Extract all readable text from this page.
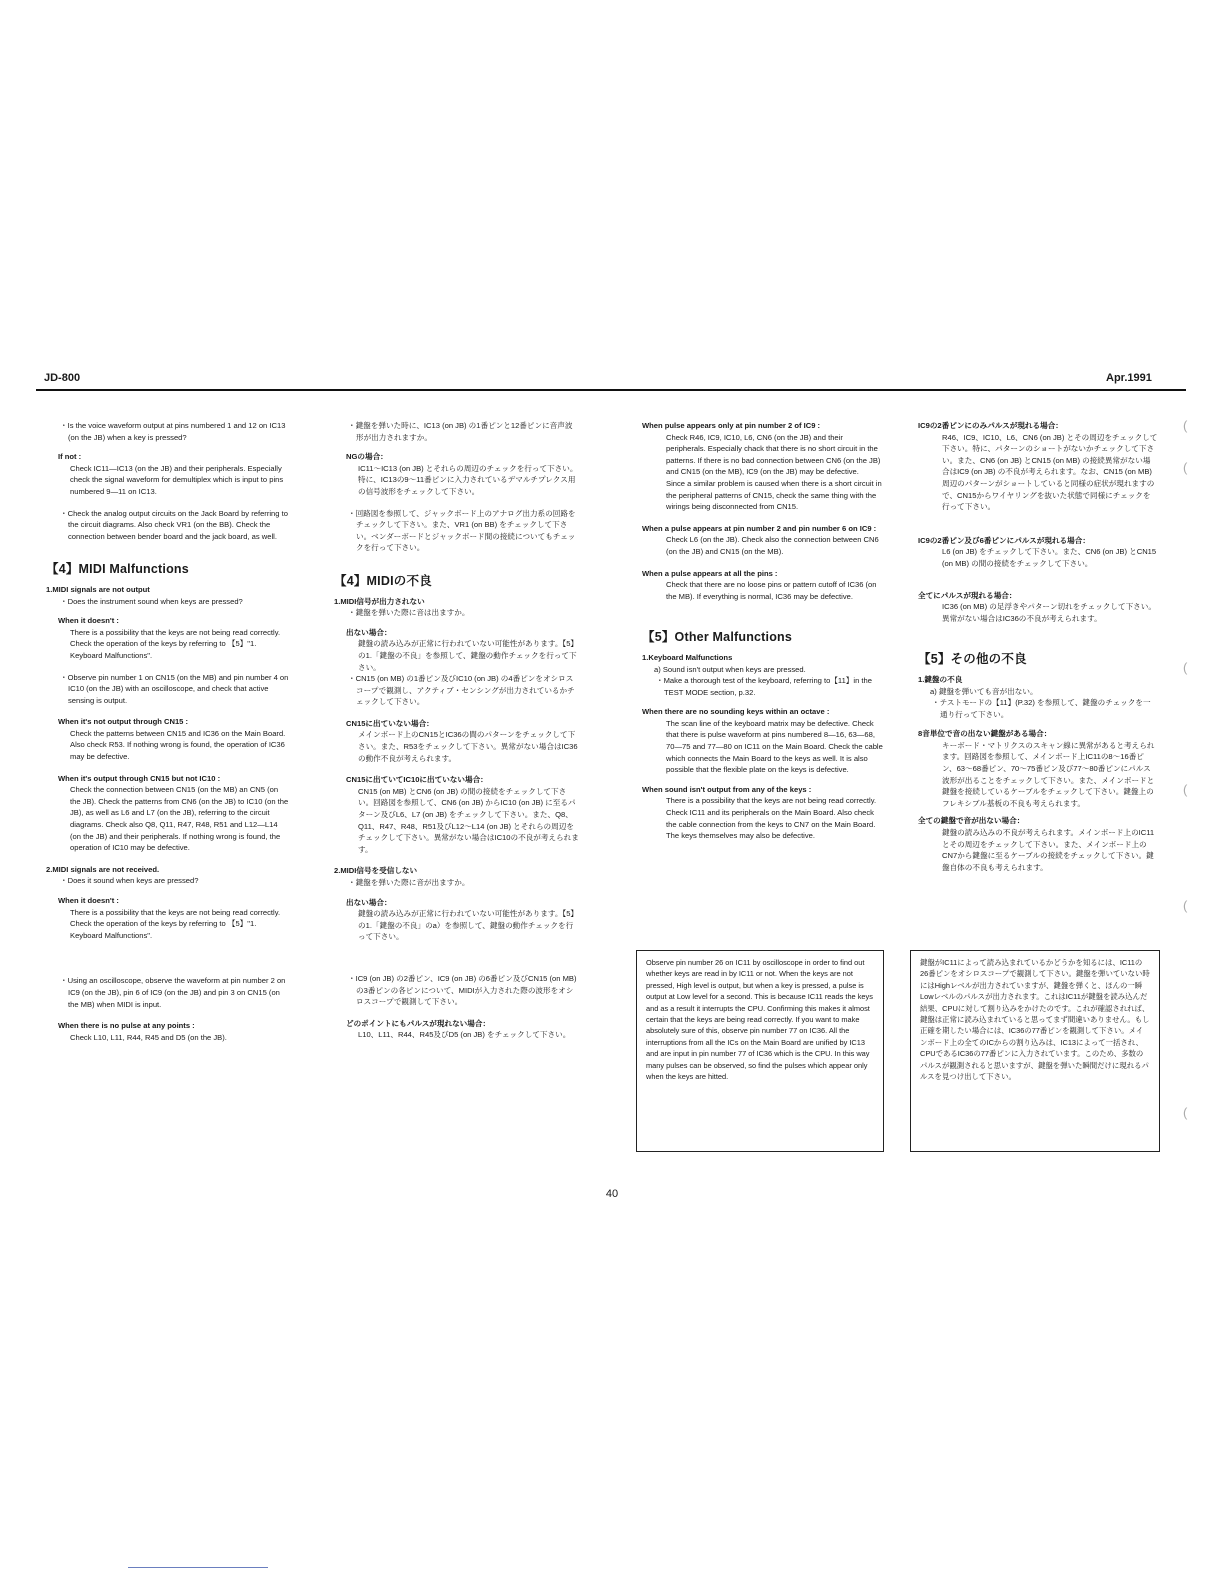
JD-800	Apr.1991

・Is the voice waveform output at pins numbered 1 and 12 on IC13 (on the JB) when a key is pressed?

If not :

Check IC11—IC13 (on the JB) and their peripherals. Especially check the signal waveform for demultiplex which is input to pins numbered 9—11 on IC13.

・Check the analog output circuits on the Jack Board by referring to the circuit diagrams. Also check VR1 (on the BB). Check the connection between bender board and the jack board, as well.

【4】MIDI Malfunctions

1.MIDI signals are not output

・Does the instrument sound when keys are pressed?

When it doesn't :

There is a possibility that the keys are not being read correctly. Check the operation of the keys by referring to 【5】"1. Keyboard Malfunctions".

・Observe pin number 1 on CN15 (on the MB) and pin number 4 on IC10 (on the JB) with an oscilloscope, and check that active sensing is output.

When it's not output through CN15 :

Check the patterns between CN15 and IC36 on the Main Board. Also check R53. If nothing wrong is found, the operation of IC36 may be defective.

When it's output through CN15 but not IC10 :

Check the connection between CN15 (on the MB) an CN5 (on the JB). Check the patterns from CN6 (on the JB) to IC10 (on the JB), as well as L6 and L7 (on the JB), referring to the circuit diagrams. Check also Q8, Q11, R47, R48, R51 and L12—L14 (on the JB) and their peripherals. If nothing wrong is found, the operation of IC10 may be defective.

2.MIDI signals are not received.

・Does it sound when keys are pressed?

When it doesn't :

There is a possibility that the keys are not being read correctly. Check the operation of the keys by referring to 【5】"1. Keyboard Malfunctions".

・Using an oscilloscope, observe the waveform at pin number 2 on IC9 (on the JB), pin 6 of IC9 (on the JB) and pin 3 on CN15 (on the MB) when MIDI is input.

When there is no pulse at any points :

Check L10, L11, R44, R45 and D5 (on the JB).

・鍵盤を弾いた時に、IC13 (on JB) の1番ピンと12番ピンに音声波形が出力されますか。

NGの場合：

IC11〜IC13 (on JB) とそれらの周辺のチェックを行って下さい。特に、IC13の9〜11番ピンに入力されているデマルチプレクス用の信号波形をチェックして下さい。

・回路図を参照して、ジャックボード上のアナログ出力系の回路をチェックして下さい。また、VR1 (on BB) をチェックして下さい。ベンダーボードとジャックボード間の接続についてもチェックを行って下さい。

【4】MIDIの不良

1.MIDI信号が出力されない

・鍵盤を弾いた際に音は出ますか。

出ない場合：

鍵盤の読み込みが正常に行われていない可能性があります。【5】の1.「鍵盤の不良」を参照して、鍵盤の動作チェックを行って下さい。

・CN15 (on MB) の1番ピン及びIC10 (on JB) の4番ピンをオシロスコープで観測し、アクティブ・センシングが出力されているかチェックして下さい。

CN15に出ていない場合：

メインボード上のCN15とIC36の間のパターンをチェックして下さい。また、R53をチェックして下さい。異常がない場合はIC36の動作不良が考えられます。

CN15に出ていてIC10に出ていない場合：

CN15 (on MB) とCN6 (on JB) の間の接続をチェックして下さい。回路図を参照して、CN6 (on JB) からIC10 (on JB) に至るパターン及びL6、L7 (on JB) をチェックして下さい。また、Q8、Q11、R47、R48、R51及びL12〜L14 (on JB) とそれらの周辺をチェックして下さい。異常がない場合はIC10の不良が考えられます。

2.MIDI信号を受信しない

・鍵盤を弾いた際に音が出ますか。

出ない場合：

鍵盤の読み込みが正常に行われていない可能性があります。【5】の1.「鍵盤の不良」のa）を参照して、鍵盤の動作チェックを行って下さい。

・IC9 (on JB) の2番ピン、IC9 (on JB) の6番ピン及びCN15 (on MB) の3番ピンの各ピンについて、MIDIが入力された際の波形をオシロスコープで観測して下さい。

どのポイントにもパルスが現れない場合：

L10、L11、R44、R45及びD5 (on JB) をチェックして下さい。

When pulse appears only at pin number 2 of IC9 :

Check R46, IC9, IC10, L6, CN6 (on the JB) and their peripherals. Especially chack that there is no short circuit in the patterns. If there is no bad connection between CN6 (on the JB) and CN15 (on the MB), IC9 (on the JB) may be defective.

Since a similar problem is caused when there is a short circuit in the peripheral patterns of CN15, check the same thing with the wirings being disconnected from CN15.

When a pulse appears at pin number 2 and pin number 6 on IC9 :

Check L6 (on the JB). Check also the connection between CN6 (on the JB) and CN15 (on the MB).

When a pulse appears at all the pins :

Check that there are no loose pins or pattern cutoff of IC36 (on the MB). If everything is normal, IC36 may be defective.

【5】Other Malfunctions

1.Keyboard Malfunctions

a) Sound isn't output when keys are pressed.

・Make a thorough test of the keyboard, referring to【11】in the TEST MODE section, p.32.

When there are no sounding keys within an octave :

The scan line of the keyboard matrix may be defective. Check that there is pulse waveform at pins numbered 8—16, 63—68, 70—75 and 77—80 on IC11 on the Main Board. Check the cable which connects the Main Board to the keys as well. It is also possible that the flexible plate on the keys is defective.

When sound isn't output from any of the keys :

There is a possibility that the keys are not being read correctly. Check IC11 and its peripherals on the Main Board. Also check the cable connection from the keys to CN7 on the Main Board. The keys themselves may also be defective.

Observe pin number 26 on IC11 by oscilloscope in order to find out whether keys are read in by IC11 or not. When the keys are not pressed, High level is output, but when a key is pressed, a pulse is output at Low level for a second. This is because IC11 reads the keys and as a result it interrupts the CPU. Confirming this makes it almost certain that the keys are being read correctly. If you want to make absolutely sure of this, observe pin number 77 on IC36. All the interruptions from all the ICs on the Main Board are unified by IC13 and are input in pin number 77 of IC36 which is the CPU. In this way many pulses can be observed, so find the pulses which appear only when the keys are hitted.

IC9の2番ピンにのみパルスが現れる場合：

R46、IC9、IC10、L6、CN6 (on JB) とその周辺をチェックして下さい。特に、パターンのショートがないかチェックして下さい。また、CN6 (on JB) とCN15 (on MB) の接続異常がない場合はIC9 (on JB) の不良が考えられます。なお、CN15 (on MB) 周辺のパターンがショートしていると同様の症状が現れますので、CN15からワイヤリングを抜いた状態で同様にチェックを行って下さい。

IC9の2番ピン及び6番ピンにパルスが現れる場合：

L6 (on JB) をチェックして下さい。また、CN6 (on JB) とCN15 (on MB) の間の接続をチェックして下さい。

全てにパルスが現れる場合：

IC36 (on MB) の足浮きやパターン切れをチェックして下さい。異常がない場合はIC36の不良が考えられます。

【5】その他の不良

1.鍵盤の不良

a) 鍵盤を弾いても音が出ない。

・テストモードの【11】(P.32) を参照して、鍵盤のチェックを一通り行って下さい。

8音単位で音の出ない鍵盤がある場合：

キーボード・マトリクスのスキャン線に異常があると考えられます。回路図を参照して、メインボード上IC11の8〜16番ピン、63〜68番ピン、70〜75番ピン及び77〜80番ピンにパルス波形が出ることをチェックして下さい。また、メインボードと鍵盤を接続しているケーブルをチェックして下さい。鍵盤上のフレキシブル基板の不良も考えられます。

全ての鍵盤で音が出ない場合：

鍵盤の読み込みの不良が考えられます。メインボード上のIC11とその周辺をチェックして下さい。また、メインボード上のCN7から鍵盤に至るケーブルの接続をチェックして下さい。鍵盤自体の不良も考えられます。

鍵盤がIC11によって読み込まれているかどうかを知るには、IC11の26番ピンをオシロスコープで観測して下さい。鍵盤を弾いていない時にはHighレベルが出力されていますが、鍵盤を弾くと、ほんの一瞬Lowレベルのパルスが出力されます。これはIC11が鍵盤を読み込んだ結果、CPUに対して割り込みをかけたのです。これが確認されれば、鍵盤は正常に読み込まれていると思ってまず間違いありません。もし正確を期したい場合には、IC36の77番ピンを観測して下さい。メインボード上の全てのICからの割り込みは、IC13によって一括され、CPUであるIC36の77番ピンに入力されています。このため、多数のパルスが観測されると思いますが、鍵盤を弾いた瞬間だけに現れるパルスを見つけ出して下さい。
40
(
(
(
(
(
(
